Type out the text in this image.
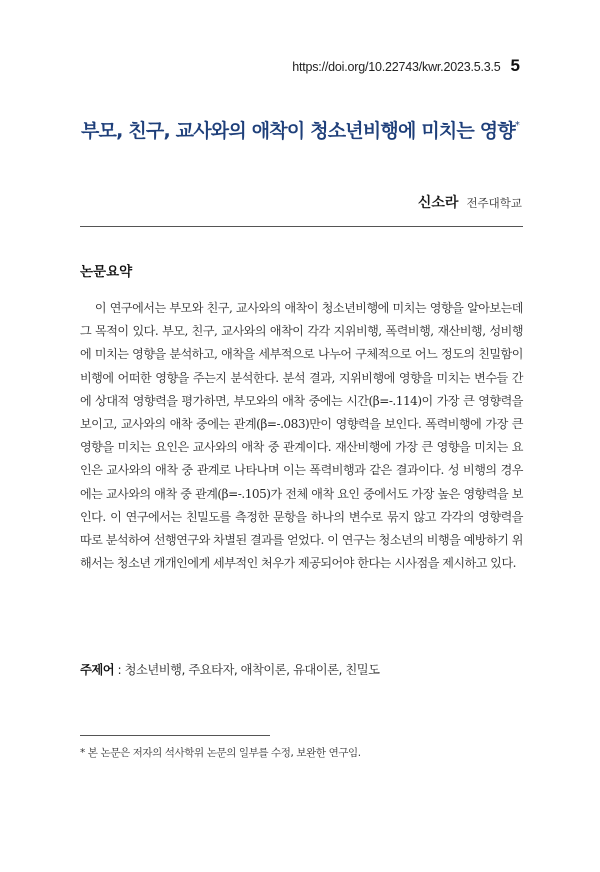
https://doi.org/10.22743/kwr.2023.5.3.5 5
부모, 친구, 교사와의 애착이 청소년비행에 미치는 영향*
신소라 전주대학교
논문요약

이 연구에서는 부모와 친구, 교사와의 애착이 청소년비행에 미치는 영향을 알아보는데 그 목적이 있다. 부모, 친구, 교사와의 애착이 각각 지위비행, 폭력비행, 재산비행, 성비행에 미치는 영향을 분석하고, 애착을 세부적으로 나누어 구체적으로 어느 정도의 친밀함이 비행에 어떠한 영향을 주는지 분석한다. 분석 결과, 지위비행에 영향을 미치는 변수들 간에 상대적 영향력을 평가하면, 부모와의 애착 중에는 시간(β=-.114)이 가장 큰 영향력을 보이고, 교사와의 애착 중에는 관계(β=-.083)만이 영향력을 보인다. 폭력비행에 가장 큰 영향을 미치는 요인은 교사와의 애착 중 관계이다. 재산비행에 가장 큰 영향을 미치는 요인은 교사와의 애착 중 관계로 나타나며 이는 폭력비행과 같은 결과이다. 성 비행의 경우에는 교사와의 애착 중 관계(β=-.105)가 전체 애착 요인 중에서도 가장 높은 영향력을 보인다. 이 연구에서는 친밀도를 측정한 문항을 하나의 변수로 묶지 않고 각각의 영향력을 따로 분석하여 선행연구와 차별된 결과를 얻었다. 이 연구는 청소년의 비행을 예방하기 위해서는 청소년 개개인에게 세부적인 처우가 제공되어야 한다는 시사점을 제시하고 있다.

주제어 : 청소년비행, 주요타자, 애착이론, 유대이론, 친밀도
* 본 논문은 저자의 석사학위 논문의 일부를 수정, 보완한 연구임.
